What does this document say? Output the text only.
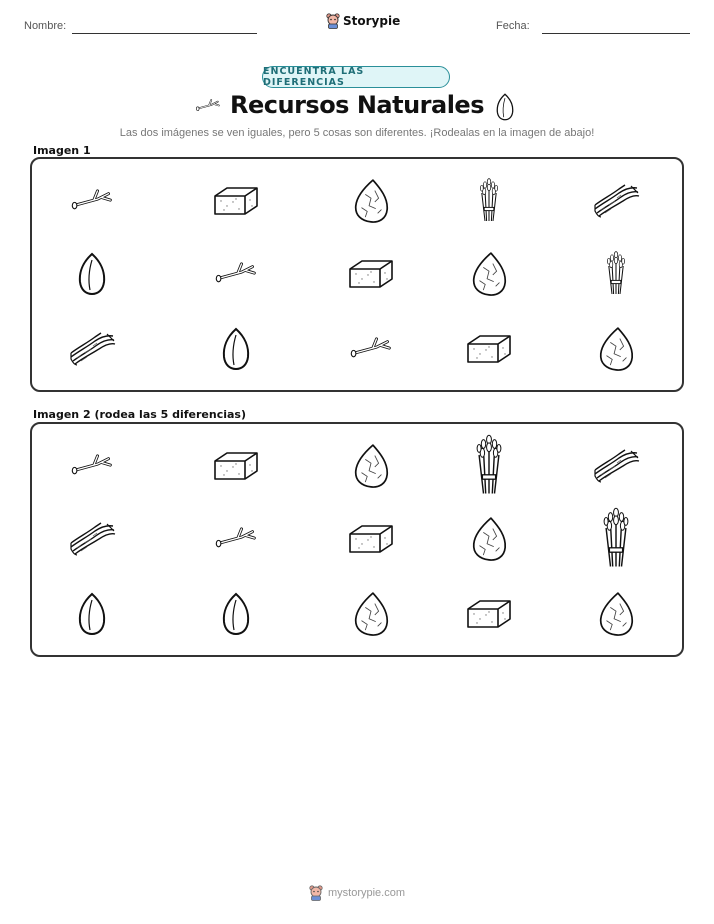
Nombre:	Storypie	Fecha:
ENCUENTRA LAS DIFERENCIAS
Recursos Naturales
Las dos imágenes se ven iguales, pero 5 cosas son diferentes. ¡Rodealas en la imagen de abajo!
Imagen 1
Imagen 2 (rodea las 5 diferencias)
mystorypie.com
